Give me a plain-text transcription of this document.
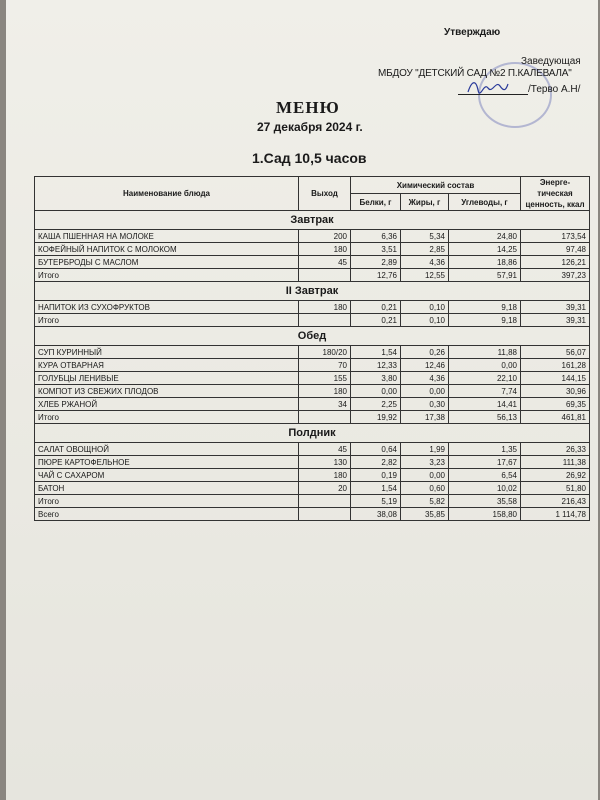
Утверждаю
Заведующая
МБДОУ "ДЕТСКИЙ САД №2 П.КАЛЕВАЛА"
/Терво А.Н/
МЕНЮ
27 декабря 2024 г.
1.Сад 10,5 часов
Наименование блюда	Выход	Химический состав			Энерге-тическая ценность, ккал
		Белки, г	Жиры, г	Углеводы, г	
Завтрак					
КАША ПШЕННАЯ НА МОЛОКЕ	200	6,36	5,34	24,80	173,54
КОФЕЙНЫЙ НАПИТОК С МОЛОКОМ	180	3,51	2,85	14,25	97,48
БУТЕРБРОДЫ С МАСЛОМ	45	2,89	4,36	18,86	126,21
Итого		12,76	12,55	57,91	397,23
II Завтрак					
НАПИТОК ИЗ СУХОФРУКТОВ	180	0,21	0,10	9,18	39,31
Итого		0,21	0,10	9,18	39,31
Обед					
СУП КУРИННЫЙ	180/20	1,54	0,26	11,88	56,07
КУРА ОТВАРНАЯ	70	12,33	12,46	0,00	161,28
ГОЛУБЦЫ ЛЕНИВЫЕ	155	3,80	4,36	22,10	144,15
КОМПОТ ИЗ СВЕЖИХ ПЛОДОВ	180	0,00	0,00	7,74	30,96
ХЛЕБ РЖАНОЙ	34	2,25	0,30	14,41	69,35
Итого		19,92	17,38	56,13	461,81
Полдник					
САЛАТ ОВОЩНОЙ	45	0,64	1,99	1,35	26,33
ПЮРЕ КАРТОФЕЛЬНОЕ	130	2,82	3,23	17,67	111,38
ЧАЙ С САХАРОМ	180	0,19	0,00	6,54	26,92
БАТОН	20	1,54	0,60	10,02	51,80
Итого		5,19	5,82	35,58	216,43
Всего		38,08	35,85	158,80	1 114,78
